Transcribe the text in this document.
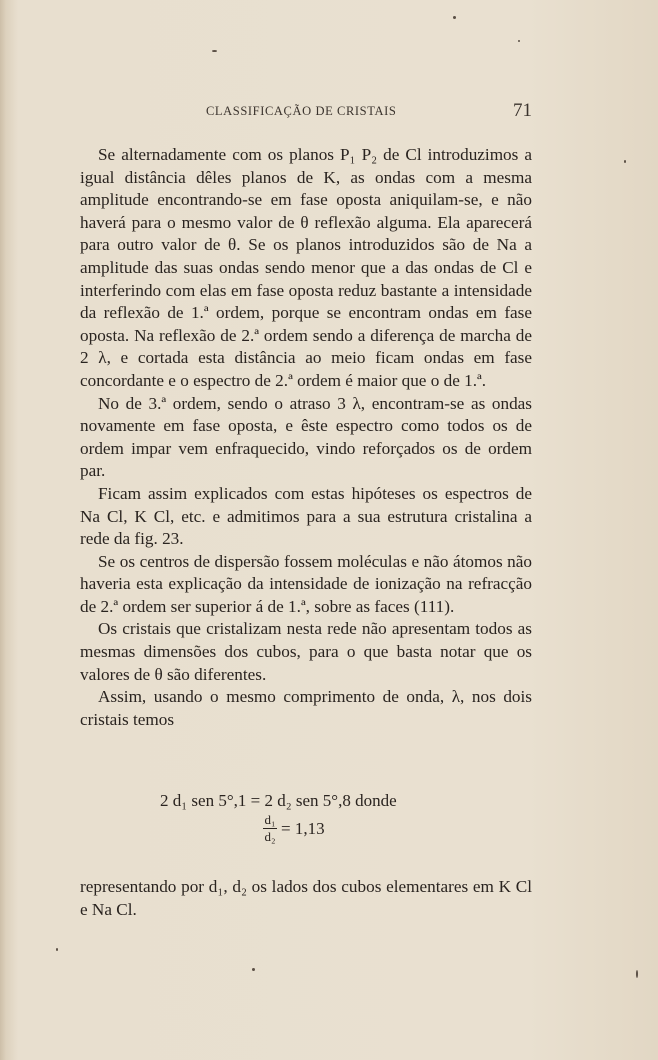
CLASSIFICAÇÃO DE CRISTAIS	71

Se alternadamente com os planos P₁ P₂ de Cl introduzimos a igual distância dêles planos de K, as ondas com a mesma amplitude encontrando-se em fase oposta aniquilam-se, e não haverá para o mesmo valor de θ reflexão alguma. Ela aparecerá para outro valor de θ. Se os planos introduzidos são de Na a amplitude das suas ondas sendo menor que a das ondas de Cl e interferindo com elas em fase oposta reduz bastante a intensidade da reflexão de 1.ª ordem, porque se encontram ondas em fase oposta. Na reflexão de 2.ª ordem sendo a diferença de marcha de 2 λ, e cortada esta distância ao meio ficam ondas em fase concordante e o espectro de 2.ª ordem é maior que o de 1.ª.

No de 3.ª ordem, sendo o atraso 3 λ, encontram-se as ondas novamente em fase oposta, e êste espectro como todos os de ordem impar vem enfraquecido, vindo reforçados os de ordem par.

Ficam assim explicados com estas hipóteses os espectros de Na Cl, K Cl, etc. e admitimos para a sua estrutura cristalina a rede da fig. 23.

Se os centros de dispersão fossem moléculas e não átomos não haveria esta explicação da intensidade de ionização na refracção de 2.ª ordem ser superior á de 1.ª, sobre as faces (111).

Os cristais que cristalizam nesta rede não apresentam todos as mesmas dimensões dos cubos, para o que basta notar que os valores de θ são diferentes.

Assim, usando o mesmo comprimento de onda, λ, nos dois cristais temos

2 d₁ sen 5°,1 = 2 d₂ sen 5°,8 donde
$\frac{\text{d₁}}{\text{d₂}} = 1,13$

representando por d₁, d₂ os lados dos cubos elementares em K Cl e Na Cl.
